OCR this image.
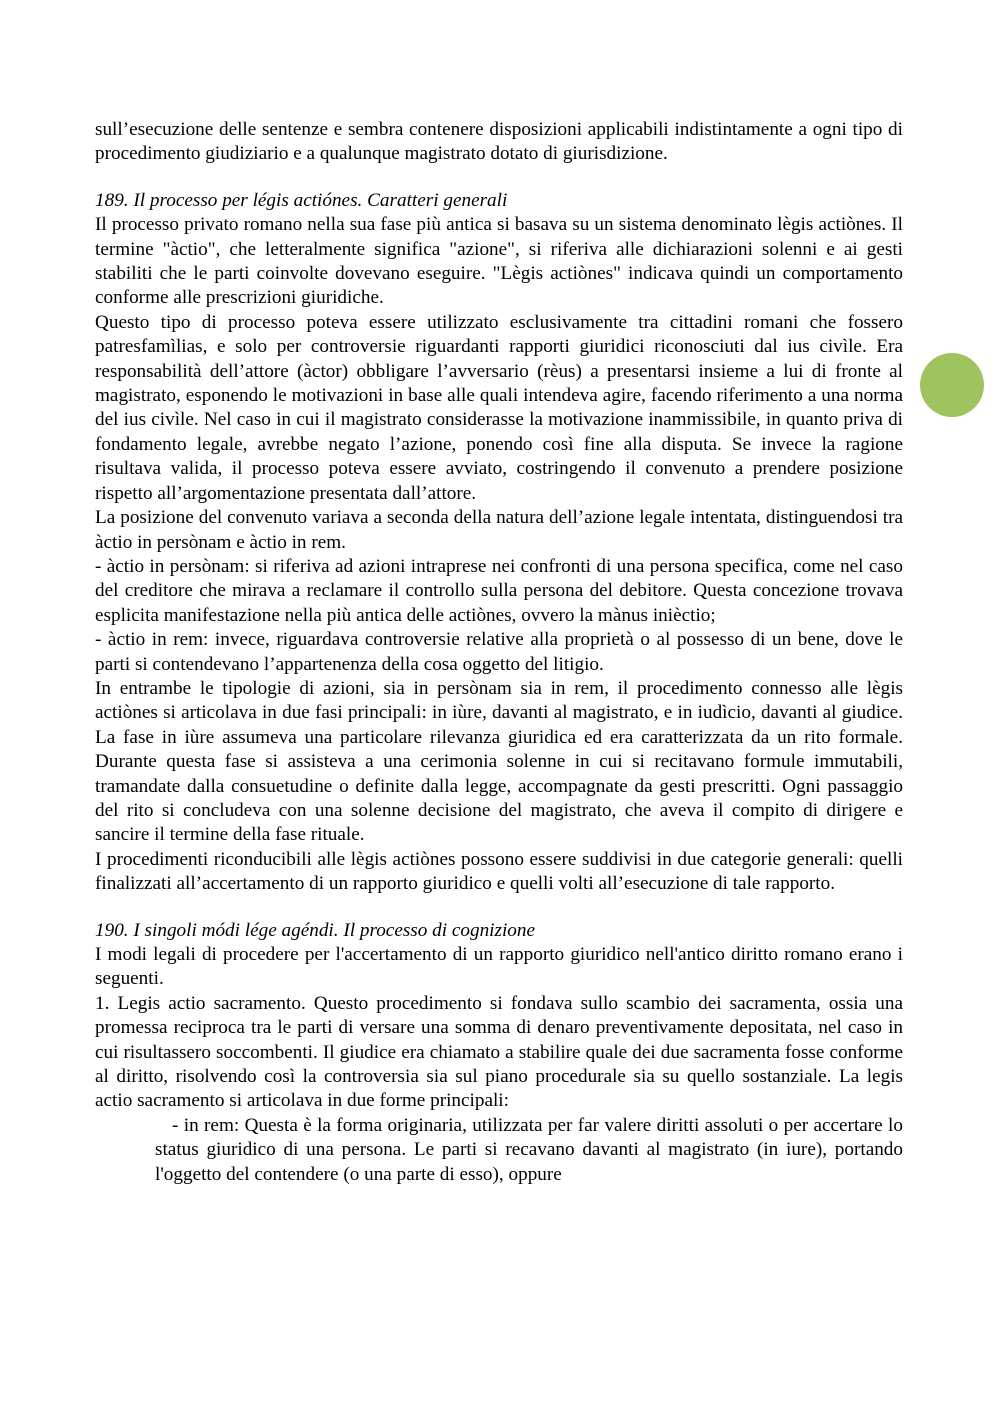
sull’esecuzione delle sentenze e sembra contenere disposizioni applicabili indistintamente a ogni tipo di procedimento giudiziario e a qualunque magistrato dotato di giurisdizione.

189. Il processo per légis actiónes. Caratteri generali

Il processo privato romano nella sua fase più antica si basava su un sistema denominato lègis actiònes. Il termine "àctio", che letteralmente significa "azione", si riferiva alle dichiarazioni solenni e ai gesti stabiliti che le parti coinvolte dovevano eseguire. "Lègis actiònes" indicava quindi un comportamento conforme alle prescrizioni giuridiche.

Questo tipo di processo poteva essere utilizzato esclusivamente tra cittadini romani che fossero patresfamìlias, e solo per controversie riguardanti rapporti giuridici riconosciuti dal ius civìle. Era responsabilità dell’attore (àctor) obbligare l’avversario (rèus) a presentarsi insieme a lui di fronte al magistrato, esponendo le motivazioni in base alle quali intendeva agire, facendo riferimento a una norma del ius civìle. Nel caso in cui il magistrato considerasse la motivazione inammissibile, in quanto priva di fondamento legale, avrebbe negato l’azione, ponendo così fine alla disputa. Se invece la ragione risultava valida, il processo poteva essere avviato, costringendo il convenuto a prendere posizione rispetto all’argomentazione presentata dall’attore.

La posizione del convenuto variava a seconda della natura dell’azione legale intentata, distinguendosi tra àctio in persònam e àctio in rem.

- àctio in persònam: si riferiva ad azioni intraprese nei confronti di una persona specifica, come nel caso del creditore che mirava a reclamare il controllo sulla persona del debitore. Questa concezione trovava esplicita manifestazione nella più antica delle actiònes, ovvero la mànus inièctio;

- àctio in rem: invece, riguardava controversie relative alla proprietà o al possesso di un bene, dove le parti si contendevano l’appartenenza della cosa oggetto del litigio.

In entrambe le tipologie di azioni, sia in persònam sia in rem, il procedimento connesso alle lègis actiònes si articolava in due fasi principali: in iùre, davanti al magistrato, e in iudìcio, davanti al giudice. La fase in iùre assumeva una particolare rilevanza giuridica ed era caratterizzata da un rito formale. Durante questa fase si assisteva a una cerimonia solenne in cui si recitavano formule immutabili, tramandate dalla consuetudine o definite dalla legge, accompagnate da gesti prescritti. Ogni passaggio del rito si concludeva con una solenne decisione del magistrato, che aveva il compito di dirigere e sancire il termine della fase rituale.

I procedimenti riconducibili alle lègis actiònes possono essere suddivisi in due categorie generali: quelli finalizzati all’accertamento di un rapporto giuridico e quelli volti all’esecuzione di tale rapporto.

190. I singoli módi lége agéndi. Il processo di cognizione

I modi legali di procedere per l'accertamento di un rapporto giuridico nell'antico diritto romano erano i seguenti.

1. Legis actio sacramento. Questo procedimento si fondava sullo scambio dei sacramenta, ossia una promessa reciproca tra le parti di versare una somma di denaro preventivamente depositata, nel caso in cui risultassero soccombenti. Il giudice era chiamato a stabilire quale dei due sacramenta fosse conforme al diritto, risolvendo così la controversia sia sul piano procedurale sia su quello sostanziale. La legis actio sacramento si articolava in due forme principali:

- in rem: Questa è la forma originaria, utilizzata per far valere diritti assoluti o per accertare lo status giuridico di una persona. Le parti si recavano davanti al magistrato (in iure), portando l'oggetto del contendere (o una parte di esso), oppure
